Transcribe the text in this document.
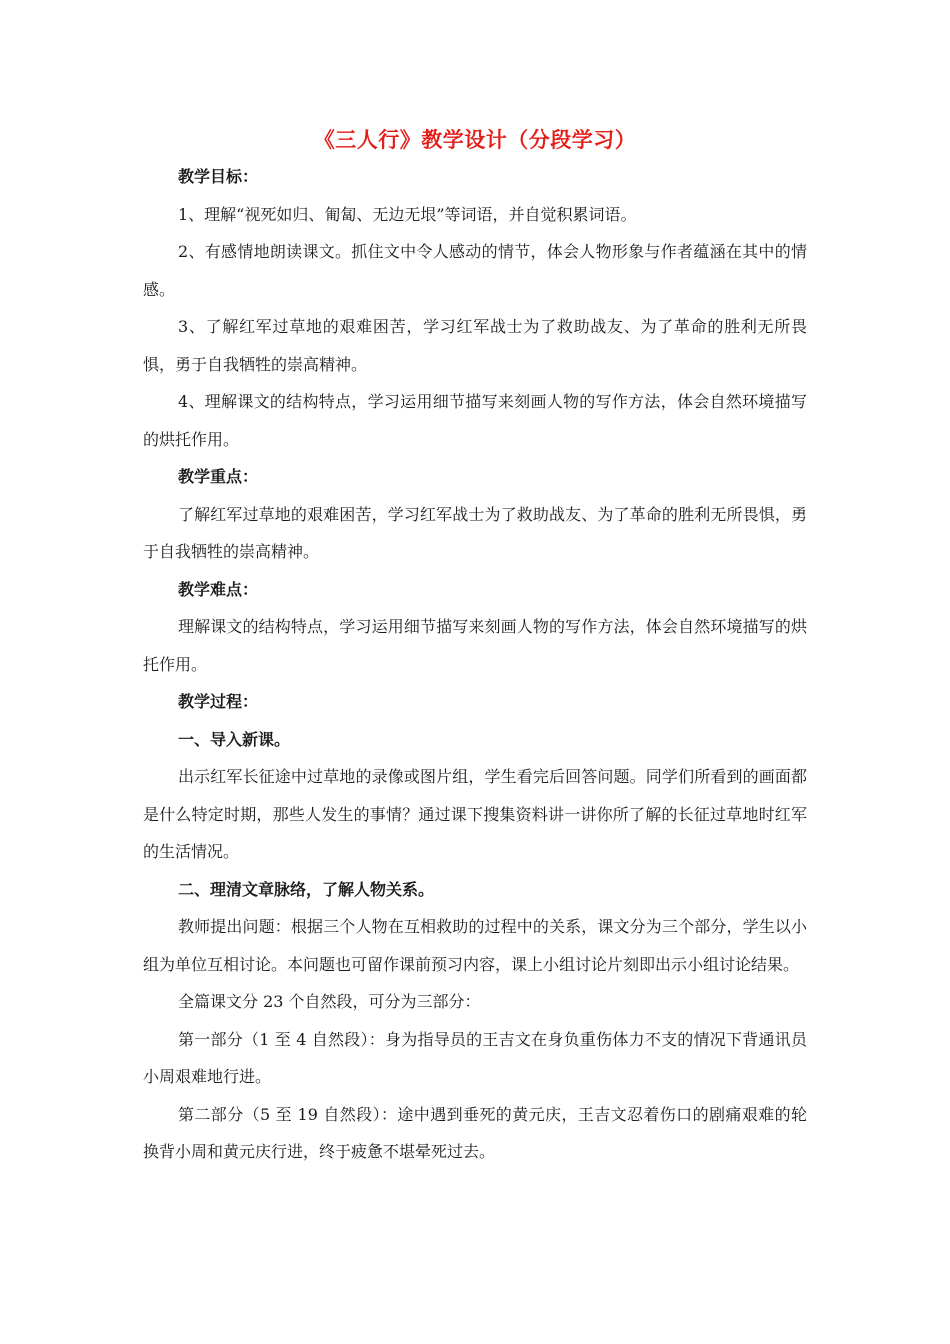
《三人行》教学设计（分段学习）

教学目标：

1、理解“视死如归、匍匐、无边无垠”等词语，并自觉积累词语。

2、有感情地朗读课文。抓住文中令人感动的情节，体会人物形象与作者蕴涵在其中的情感。

3、了解红军过草地的艰难困苦，学习红军战士为了救助战友、为了革命的胜利无所畏惧，勇于自我牺牲的崇高精神。

4、理解课文的结构特点，学习运用细节描写来刻画人物的写作方法，体会自然环境描写的烘托作用。

教学重点：

了解红军过草地的艰难困苦，学习红军战士为了救助战友、为了革命的胜利无所畏惧，勇于自我牺牲的崇高精神。

教学难点：

理解课文的结构特点，学习运用细节描写来刻画人物的写作方法，体会自然环境描写的烘托作用。

教学过程：

一、导入新课。

出示红军长征途中过草地的录像或图片组，学生看完后回答问题。同学们所看到的画面都是什么特定时期，那些人发生的事情？通过课下搜集资料讲一讲你所了解的长征过草地时红军的生活情况。

二、理清文章脉络，了解人物关系。

教师提出问题：根据三个人物在互相救助的过程中的关系，课文分为三个部分，学生以小组为单位互相讨论。本问题也可留作课前预习内容，课上小组讨论片刻即出示小组讨论结果。

全篇课文分 23 个自然段，可分为三部分：

第一部分（1 至 4 自然段）：身为指导员的王吉文在身负重伤体力不支的情况下背通讯员小周艰难地行进。

第二部分（5 至 19 自然段）：途中遇到垂死的黄元庆，王吉文忍着伤口的剧痛艰难的轮换背小周和黄元庆行进，终于疲惫不堪晕死过去。
